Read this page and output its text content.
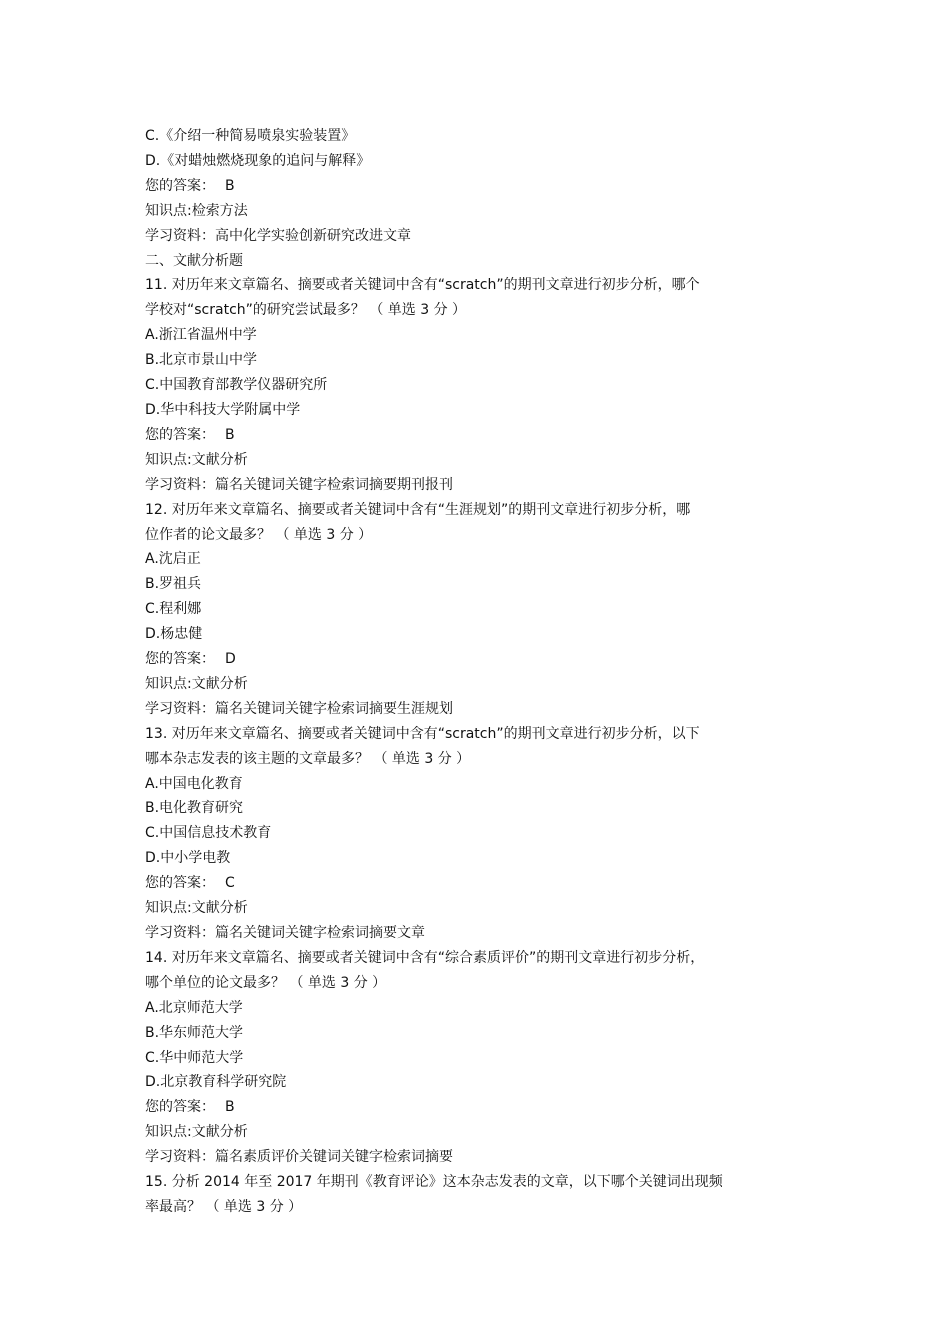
C.《介绍一种简易喷泉实验装置》

D.《对蜡烛燃烧现象的追问与解释》

您的答案： B

知识点:检索方法

学习资料：高中化学实验创新研究改进文章

二、文献分析题

11. 对历年来文章篇名、摘要或者关键词中含有“scratch”的期刊文章进行初步分析，哪个

学校对“scratch”的研究尝试最多？ （ 单选 3 分 ）

A.浙江省温州中学

B.北京市景山中学

C.中国教育部教学仪器研究所

D.华中科技大学附属中学

您的答案： B

知识点:文献分析

学习资料：篇名关键词关键字检索词摘要期刊报刊

12. 对历年来文章篇名、摘要或者关键词中含有“生涯规划”的期刊文章进行初步分析，哪

位作者的论文最多？ （ 单选 3 分 ）

A.沈启正

B.罗祖兵

C.程利娜

D.杨忠健

您的答案： D

知识点:文献分析

学习资料：篇名关键词关键字检索词摘要生涯规划

13. 对历年来文章篇名、摘要或者关键词中含有“scratch”的期刊文章进行初步分析，以下

哪本杂志发表的该主题的文章最多？ （ 单选 3 分 ）

A.中国电化教育

B.电化教育研究

C.中国信息技术教育

D.中小学电教

您的答案： C

知识点:文献分析

学习资料：篇名关键词关键字检索词摘要文章

14. 对历年来文章篇名、摘要或者关键词中含有“综合素质评价”的期刊文章进行初步分析，

哪个单位的论文最多？ （ 单选 3 分 ）

A.北京师范大学

B.华东师范大学

C.华中师范大学

D.北京教育科学研究院

您的答案： B

知识点:文献分析

学习资料：篇名素质评价关键词关键字检索词摘要

15. 分析 2014 年至 2017 年期刊《教育评论》这本杂志发表的文章，以下哪个关键词出现频

率最高？ （ 单选 3 分 ）
